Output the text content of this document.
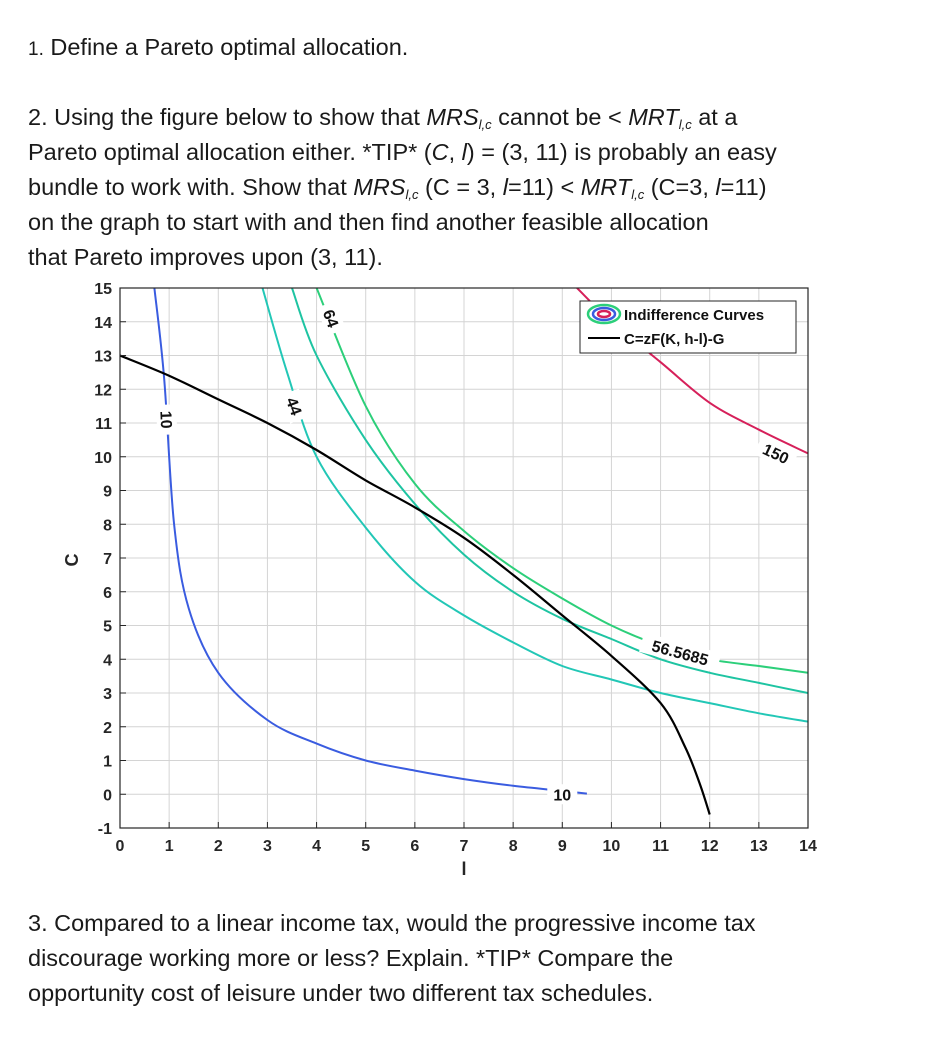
1. Define a Pareto optimal allocation.

2. Using the figure below to show that $MRS_{l,c}$ cannot be < $MRT_{l,c}$ at a
Pareto optimal allocation either. *TIP* (C, l) = (3, 11) is probably an easy
bundle to work with. Show that $MRS_{l,c}$ (C = 3, $l=11) < MRT_{l,c}$ (C=3, l=11)
on the graph to start with and then find another feasible allocation
that Pareto improves upon (3, 11).

10
44
64
56.5685
10
150
0	1	2	3	4	5	6	7	8	9 10 11 12 13 14
-1
0
1
2
3
4
5
6
7
8
9
10
11
12
13
14
15
l
C
Indifference Curves
C=zF(K, h-l)-G

3. Compared to a linear income tax, would the progressive income tax
discourage working more or less? Explain. *TIP* Compare the
opportunity cost of leisure under two different tax schedules.
